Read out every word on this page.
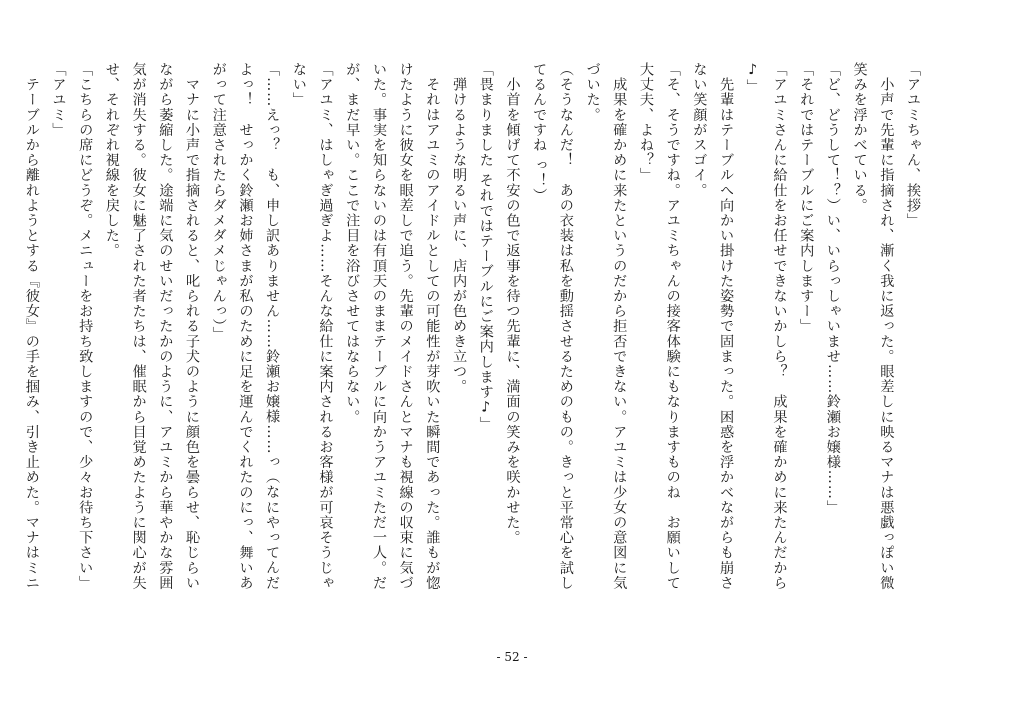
「アユミちゃん、挨拶」
　小声で先輩に指摘され、漸く我に返った。眼差しに映るマナは悪戯っぽい微
笑みを浮かべている。
「ど、どうして！？）い、いらっしゃいませ……鈴瀬お嬢様……」
「それではテーブルにご案内しますー」
「アユミさんに給仕をお任せできないかしら？　成果を確かめに来たんだから
♪」
　先輩はテーブルへ向かい掛けた姿勢で固まった。困惑を浮かべながらも崩さ
ない笑顔がスゴイ。
「そ、そうですね。アユミちゃんの接客体験にもなりますものね　お願いして
大丈夫、よね？」
　成果を確かめに来たというのだから拒否できない。アユミは少女の意図に気
づいた。
（そうなんだ！　あの衣装は私を動揺させるためのもの。きっと平常心を試し
てるんですね っ！）
　小首を傾げて不安の色で返事を待つ先輩に、満面の笑みを咲かせた。
「畏まりました それではテーブルにご案内します♪」
　弾けるような明るい声に、店内が色めき立つ。
　それはアユミのアイドルとしての可能性が芽吹いた瞬間であった。誰もが惚
けたように彼女を眼差しで追う。先輩のメイドさんとマナも視線の収束に気づ
いた。事実を知らないのは有頂天のままテーブルに向かうアユミただ一人。だ
が、まだ早い。ここで注目を浴びさせてはならない。
「アユミ、はしゃぎ過ぎよ……そんな給仕に案内されるお客様が可哀そうじゃ
ない」
「……えっ？　も、申し訳ありません……鈴瀬お嬢様……っ（なにやってんだ
よっ！　せっかく鈴瀬お姉さまが私のために足を運んでくれたのにっ、舞いあ
がって注意されたらダメダメじゃんっ）」
　マナに小声で指摘されると、叱られる子犬のように顔色を曇らせ、恥じらい
ながら萎縮した。途端に気のせいだったかのように、アユミから華やかな雰囲
気が消失する。彼女に魅了された者たちは、催眠から目覚めたように関心が失
せ、それぞれ視線を戻した。
「こちらの席にどうぞ。メニューをお持ち致しますので、少々お待ち下さい」
「アユミ」
　テーブルから離れようとする『彼女』の手を掴み、引き止めた。マナはミニ
- 52 -
